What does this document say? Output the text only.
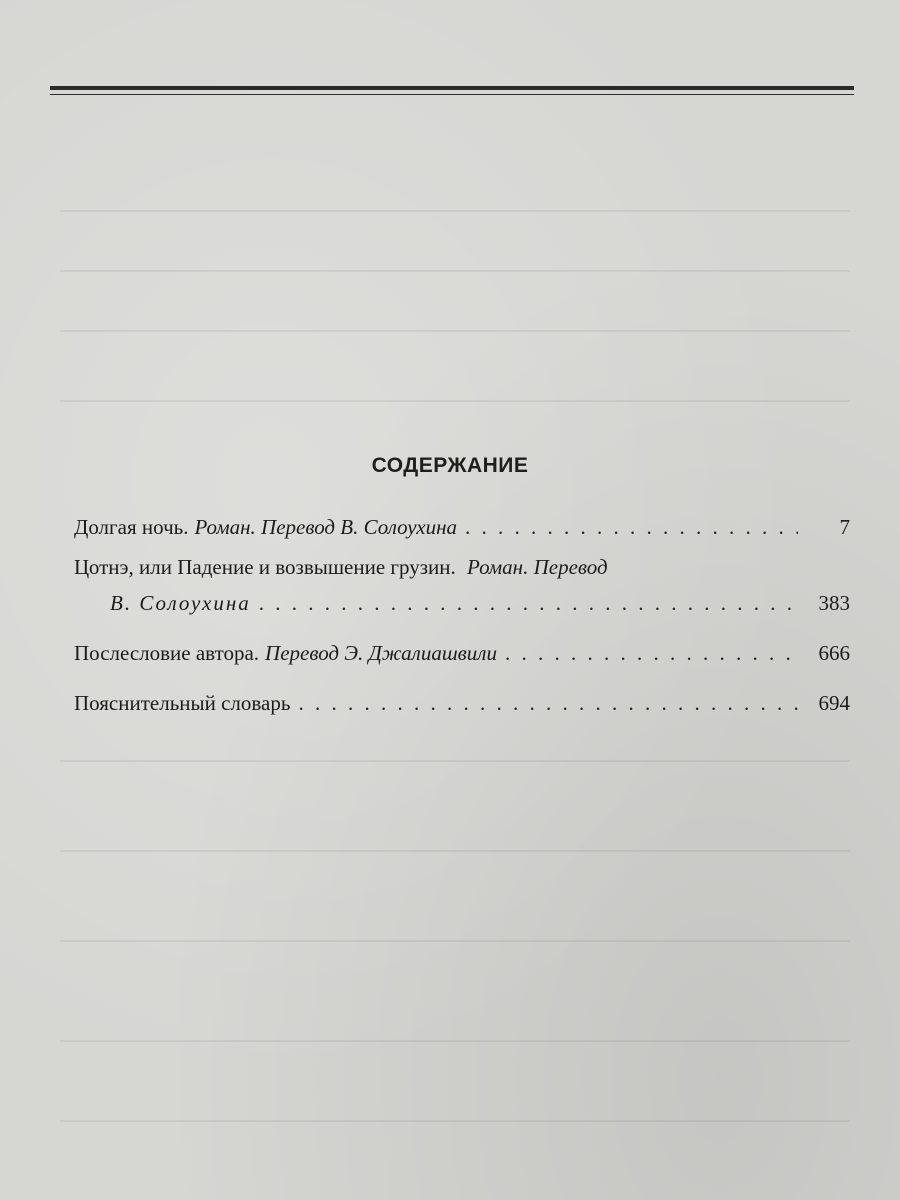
СОДЕРЖАНИЕ
Долгая ночь. Роман. Перевод В. Солоухина . . .	7
Цотнэ, или Падение и возвышение грузин. Роман. Перевод
В. Солоухина . . .	383
Послесловие автора. Перевод Э. Джалиашвили . . .	666
Пояснительный словарь . . .	694
